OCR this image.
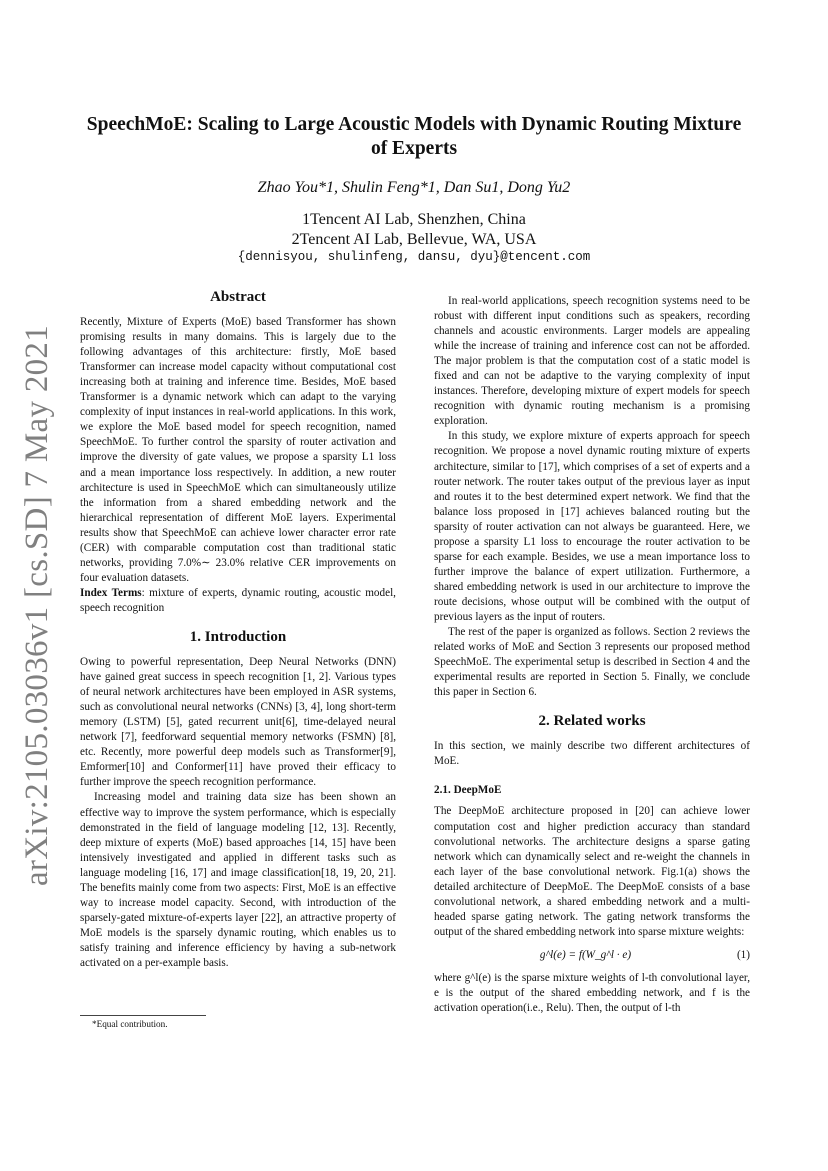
arXiv:2105.03036v1 [cs.SD] 7 May 2021
SpeechMoE: Scaling to Large Acoustic Models with Dynamic Routing Mixture of Experts
Zhao You*1, Shulin Feng*1, Dan Su1, Dong Yu2
1Tencent AI Lab, Shenzhen, China
2Tencent AI Lab, Bellevue, WA, USA
{dennisyou, shulinfeng, dansu, dyu}@tencent.com
Abstract

Recently, Mixture of Experts (MoE) based Transformer has shown promising results in many domains. This is largely due to the following advantages of this architecture: firstly, MoE based Transformer can increase model capacity without computational cost increasing both at training and inference time. Besides, MoE based Transformer is a dynamic network which can adapt to the varying complexity of input instances in real-world applications. In this work, we explore the MoE based model for speech recognition, named SpeechMoE. To further control the sparsity of router activation and improve the diversity of gate values, we propose a sparsity L1 loss and a mean importance loss respectively. In addition, a new router architecture is used in SpeechMoE which can simultaneously utilize the information from a shared embedding network and the hierarchical representation of different MoE layers. Experimental results show that SpeechMoE can achieve lower character error rate (CER) with comparable computation cost than traditional static networks, providing 7.0%∼ 23.0% relative CER improvements on four evaluation datasets.

Index Terms: mixture of experts, dynamic routing, acoustic model, speech recognition

1. Introduction

Owing to powerful representation, Deep Neural Networks (DNN) have gained great success in speech recognition [1, 2]. Various types of neural network architectures have been employed in ASR systems, such as convolutional neural networks (CNNs) [3, 4], long short-term memory (LSTM) [5], gated recurrent unit[6], time-delayed neural network [7], feedforward sequential memory networks (FSMN) [8], etc. Recently, more powerful deep models such as Transformer[9], Emformer[10] and Conformer[11] have proved their efficacy to further improve the speech recognition performance.

Increasing model and training data size has been shown an effective way to improve the system performance, which is especially demonstrated in the field of language modeling [12, 13]. Recently, deep mixture of experts (MoE) based approaches [14, 15] have been intensively investigated and applied in different tasks such as language modeling [16, 17] and image classification[18, 19, 20, 21]. The benefits mainly come from two aspects: First, MoE is an effective way to increase model capacity. Second, with introduction of the sparsely-gated mixture-of-experts layer [22], an attractive property of MoE models is the sparsely dynamic routing, which enables us to satisfy training and inference efficiency by having a sub-network activated on a per-example basis.

In real-world applications, speech recognition systems need to be robust with different input conditions such as speakers, recording channels and acoustic environments. Larger models are appealing while the increase of training and inference cost can not be afforded. The major problem is that the computation cost of a static model is fixed and can not be adaptive to the varying complexity of input instances. Therefore, developing mixture of expert models for speech recognition with dynamic routing mechanism is a promising exploration.

In this study, we explore mixture of experts approach for speech recognition. We propose a novel dynamic routing mixture of experts architecture, similar to [17], which comprises of a set of experts and a router network. The router takes output of the previous layer as input and routes it to the best determined expert network. We find that the balance loss proposed in [17] achieves balanced routing but the sparsity of router activation can not always be guaranteed. Here, we propose a sparsity L1 loss to encourage the router activation to be sparse for each example. Besides, we use a mean importance loss to further improve the balance of expert utilization. Furthermore, a shared embedding network is used in our architecture to improve the route decisions, whose output will be combined with the output of previous layers as the input of routers.

The rest of the paper is organized as follows. Section 2 reviews the related works of MoE and Section 3 represents our proposed method SpeechMoE. The experimental setup is described in Section 4 and the experimental results are reported in Section 5. Finally, we conclude this paper in Section 6.

2. Related works

In this section, we mainly describe two different architectures of MoE.

2.1. DeepMoE

The DeepMoE architecture proposed in [20] can achieve lower computation cost and higher prediction accuracy than standard convolutional networks. The architecture designs a sparse gating network which can dynamically select and re-weight the channels in each layer of the base convolutional network. Fig.1(a) shows the detailed architecture of DeepMoE. The DeepMoE consists of a base convolutional network, a shared embedding network and a multi-headed sparse gating network. The gating network transforms the output of the shared embedding network into sparse mixture weights:

g^l(e) = f(W_g^l · e)	(1)

where g^l(e) is the sparse mixture weights of l-th convolutional layer, e is the output of the shared embedding network, and f is the activation operation(i.e., Relu). Then, the output of l-th

*Equal contribution.
